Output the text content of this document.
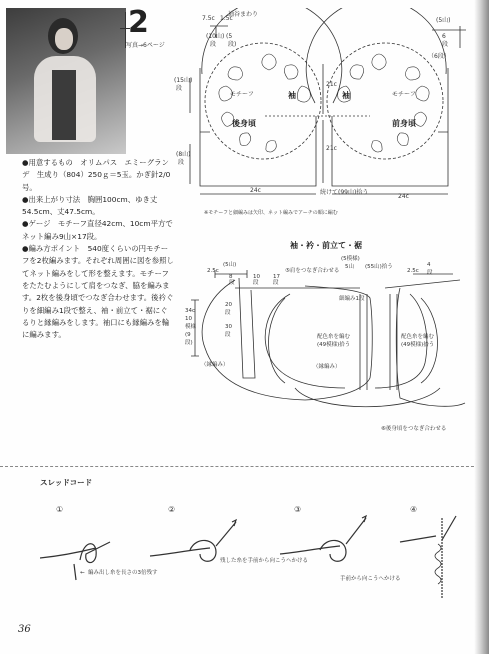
2
写真→6ページ

●用意するもの　オリムパス　エミーグランデ　生成り（804）250ｇ＝5玉。かぎ針2/0号。

●出来上がり寸法　胸囲100cm、ゆき丈54.5cm、丈47.5cm。

●ゲージ　モチーフ直径42cm、10cm平方でネット編み9山×17段。

●編み方ポイント　540度くらいの円モチーフを2枚編みます。それぞれ周囲に図を参照してネット編みをして形を整えます。モチーフをたたむようにして肩をつなぎ、脇を編みます。2枚を後身頃でつなぎ合わせます。後衿ぐりを細編み1段で整え、袖・前立て・裾にぐるりと縁編みをします。袖口にも縁編みを輪に編みます。

7.5c 1.5c
袖谷まわり
(10山)
段
(5
段)
(15山)
段
(8山)
段
(5山)
6
段
（6段）
モチーフ	モチーフ
21c
21c
24c
24c
続けて(99山)拾う
※モチーフと細編みは矢印、ネット編みでアーチの順に編む
袖	袖
後身頃	前身頃
袖・衿・前立て・裾
2.5c
(5山)
8
段
10
段
17
段
(5模様)
5山 (55山)拾う
2.5c
4
段
⑤肩をつなぎ合わせる
細編み1段
34c
10
模様
(9
段)
20
段
30
段	配色糸を編む
(49模様)拾う
配色糸を編む
(49模様)拾う
（縁編み）	（縁編み）
⑥後身頃をつなぎ合わせる
スレッドコード
①	②	③	④
← 編み出し糸を長さの3倍残す
残した糸を手前から向こうへかける
手前から向こうへかける
36
